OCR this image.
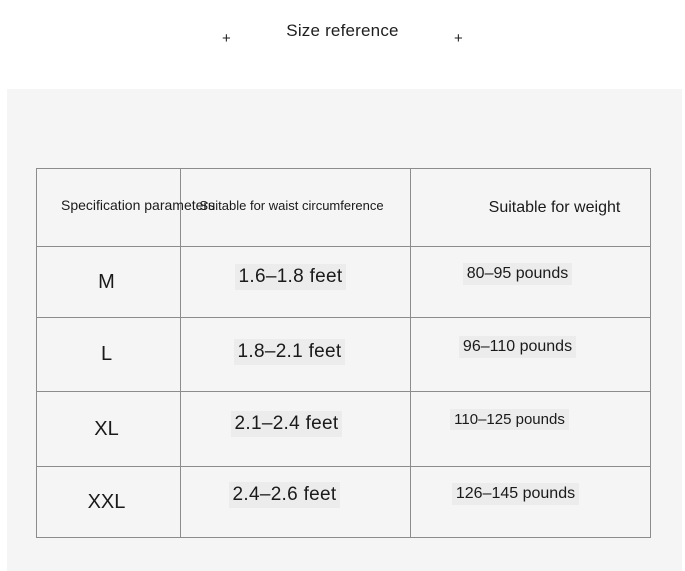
+	Size reference	+
Specification parameters	Suitable for waist circumference	Suitable for weight
M	1.6–1.8 feet	80–95 pounds
L	1.8–2.1 feet	96–110 pounds
XL	2.1–2.4 feet	110–125 pounds
XXL	2.4–2.6 feet	126–145 pounds
